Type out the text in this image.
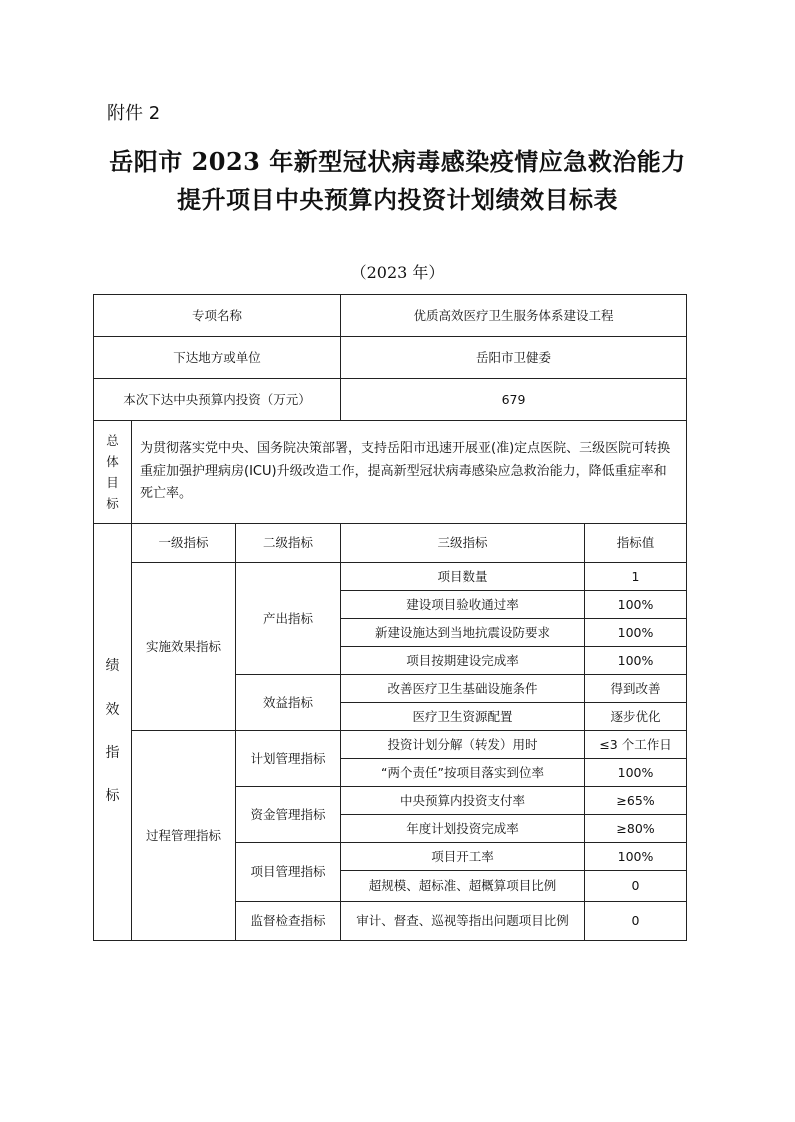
附件 2
岳阳市 2023 年新型冠状病毒感染疫情应急救治能力
提升项目中央预算内投资计划绩效目标表
（2023 年）
专项名称			优质高效医疗卫生服务体系建设工程	
下达地方或单位			岳阳市卫健委	
本次下达中央预算内投资（万元）			679	

总
体
目
标	为贯彻落实党中央、国务院决策部署，支持岳阳市迅速开展亚(准)定点医院、三级医院可转换重症加强护理病房(ICU)升级改造工作，提高新型冠状病毒感染应急救治能力，降低重症率和死亡率。			

绩
效
指
标	一级指标	二级指标	三级指标	指标值
	实施效果指标	产出指标	项目数量	1
			建设项目验收通过率	100%
			新建设施达到当地抗震设防要求	100%
			项目按期建设完成率	100%
		效益指标	改善医疗卫生基础设施条件	得到改善
			医疗卫生资源配置	逐步优化
	过程管理指标	计划管理指标	投资计划分解（转发）用时	≤3 个工作日
			“两个责任”按项目落实到位率	100%
		资金管理指标	中央预算内投资支付率	≥65%
			年度计划投资完成率	≥80%
		项目管理指标	项目开工率	100%
			超规模、超标准、超概算项目比例	0
		监督检查指标	审计、督查、巡视等指出问题项目比例	0
